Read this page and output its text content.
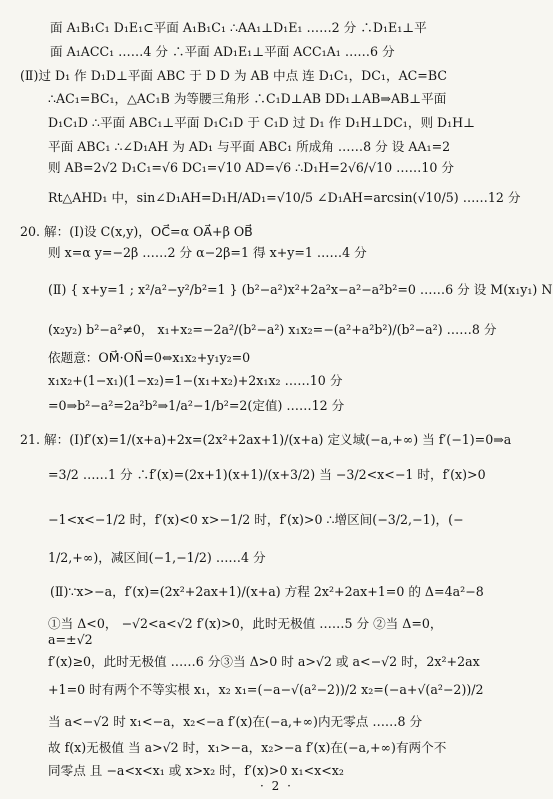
面 A₁B₁C₁ D₁E₁⊂平面 A₁B₁C₁ ∴AA₁⊥D₁E₁ ……2 分 ∴D₁E₁⊥平
面 A₁ACC₁ ……4 分 ∴平面 AD₁E₁⊥平面 ACC₁A₁ ……6 分
(Ⅱ)过 D₁ 作 D₁D⊥平面 ABC 于 D D 为 AB 中点 连 D₁C₁，DC₁，AC=BC
∴AC₁=BC₁，△AC₁B 为等腰三角形 ∴C₁D⊥AB DD₁⊥AB⇒AB⊥平面
D₁C₁D ∴平面 ABC₁⊥平面 D₁C₁D 于 C₁D 过 D₁ 作 D₁H⊥DC₁，则 D₁H⊥
平面 ABC₁ ∴∠D₁AH 为 AD₁ 与平面 ABC₁ 所成角 ……8 分 设 AA₁=2
则 AB=2√2 D₁C₁=√6 DC₁=√10 AD=√6 ∴D₁H=2√6/√10 ……10 分
Rt△AHD₁ 中，sin∠D₁AH=D₁H/AD₁=√10/5 ∠D₁AH=arcsin(√10/5) ……12 分
20. 解：(Ⅰ)设 C(x,y)，OC⃗=α OA⃗+β OB⃗
则 x=α y=−2β ……2 分 α−2β=1 得 x+y=1 ……4 分
(Ⅱ) { x+y=1 ; x²/a²−y²/b²=1 } (b²−a²)x²+2a²x−a²−a²b²=0 ……6 分 设 M(x₁y₁) N
(x₂y₂) b²−a²≠0， x₁+x₂=−2a²/(b²−a²) x₁x₂=−(a²+a²b²)/(b²−a²) ……8 分
依题意：OM⃗·ON⃗=0⇔x₁x₂+y₁y₂=0
x₁x₂+(1−x₁)(1−x₂)=1−(x₁+x₂)+2x₁x₂ ……10 分
=0⇒b²−a²=2a²b²⇒1/a²−1/b²=2(定值) ……12 分
21. 解：(Ⅰ)f′(x)=1/(x+a)+2x=(2x²+2ax+1)/(x+a) 定义域(−a,+∞) 当 f′(−1)=0⇒a
=3/2 ……1 分 ∴f′(x)=(2x+1)(x+1)/(x+3/2) 当 −3/2<x<−1 时，f′(x)>0
−1<x<−1/2 时，f′(x)<0 x>−1/2 时，f′(x)>0 ∴增区间(−3/2,−1)，(−
1/2,+∞)，减区间(−1,−1/2) ……4 分
(Ⅱ)∵x>−a，f′(x)=(2x²+2ax+1)/(x+a) 方程 2x²+2ax+1=0 的 Δ=4a²−8
①当 Δ<0， −√2<a<√2 f′(x)>0，此时无极值 ……5 分 ②当 Δ=0，
a=±√2
f′(x)≥0，此时无极值 ……6 分③当 Δ>0 时 a>√2 或 a<−√2 时，2x²+2ax
+1=0 时有两个不等实根 x₁，x₂ x₁=(−a−√(a²−2))/2 x₂=(−a+√(a²−2))/2
当 a<−√2 时 x₁<−a，x₂<−a f′(x)在(−a,+∞)内无零点 ……8 分
故 f(x)无极值 当 a>√2 时，x₁>−a，x₂>−a f′(x)在(−a,+∞)有两个不
同零点 且 −a<x<x₁ 或 x>x₂ 时，f′(x)>0 x₁<x<x₂
· 2 ·
